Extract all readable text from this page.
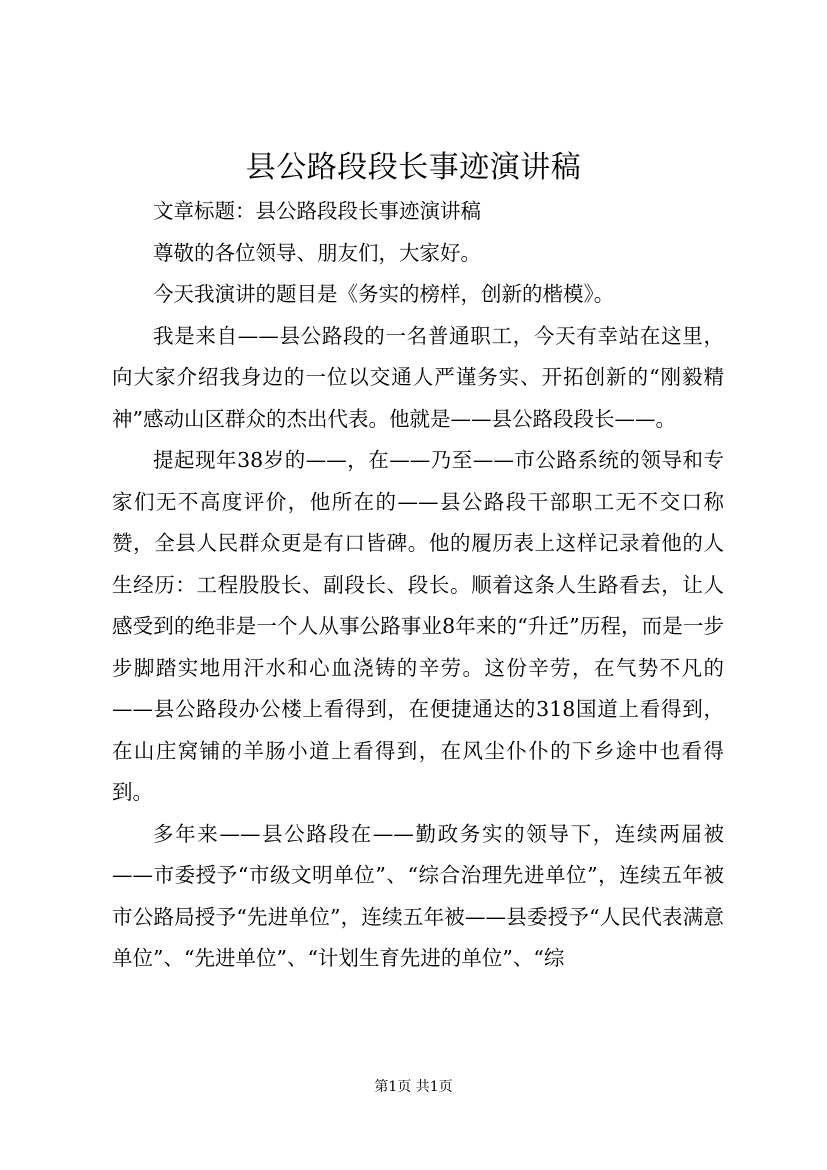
县公路段段长事迹演讲稿

文章标题：县公路段段长事迹演讲稿

尊敬的各位领导、朋友们，大家好。

今天我演讲的题目是《务实的榜样，创新的楷模》。

我是来自——县公路段的一名普通职工，今天有幸站在这里，向大家介绍我身边的一位以交通人严谨务实、开拓创新的“刚毅精神”感动山区群众的杰出代表。他就是——县公路段段长——。

提起现年38岁的——，在——乃至——市公路系统的领导和专家们无不高度评价，他所在的——县公路段干部职工无不交口称赞，全县人民群众更是有口皆碑。他的履历表上这样记录着他的人生经历：工程股股长、副段长、段长。顺着这条人生路看去，让人感受到的绝非是一个人从事公路事业8年来的“升迁”历程，而是一步步脚踏实地用汗水和心血浇铸的辛劳。这份辛劳，在气势不凡的——县公路段办公楼上看得到，在便捷通达的318国道上看得到，在山庄窝铺的羊肠小道上看得到，在风尘仆仆的下乡途中也看得到。

多年来——县公路段在——勤政务实的领导下，连续两届被——市委授予“市级文明单位”、“综合治理先进单位”，连续五年被市公路局授予“先进单位”，连续五年被——县委授予“人民代表满意单位”、“先进单位”、“计划生育先进的单位”、“综

第1页 共1页
